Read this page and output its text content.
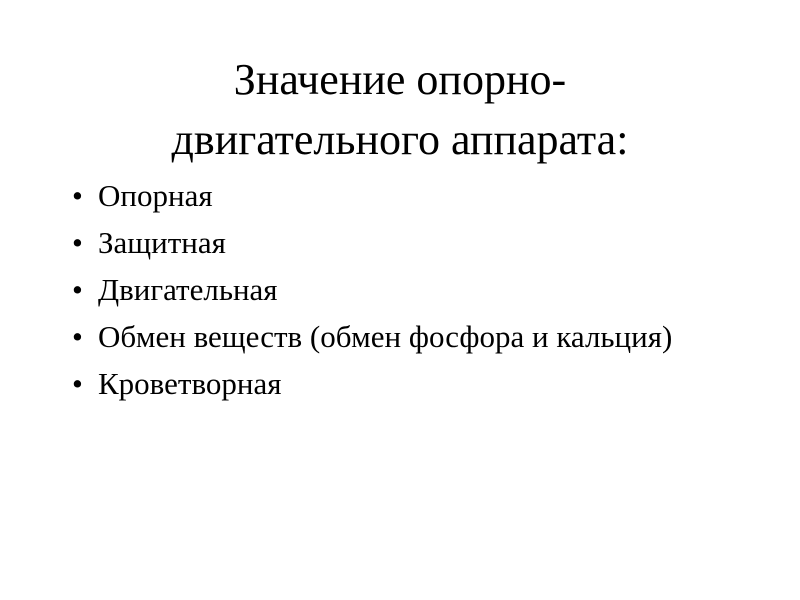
Значение опорно-
двигательного аппарата:
• Опорная
• Защитная
• Двигательная
• Обмен веществ (обмен фосфора и кальция)
• Кроветворная
